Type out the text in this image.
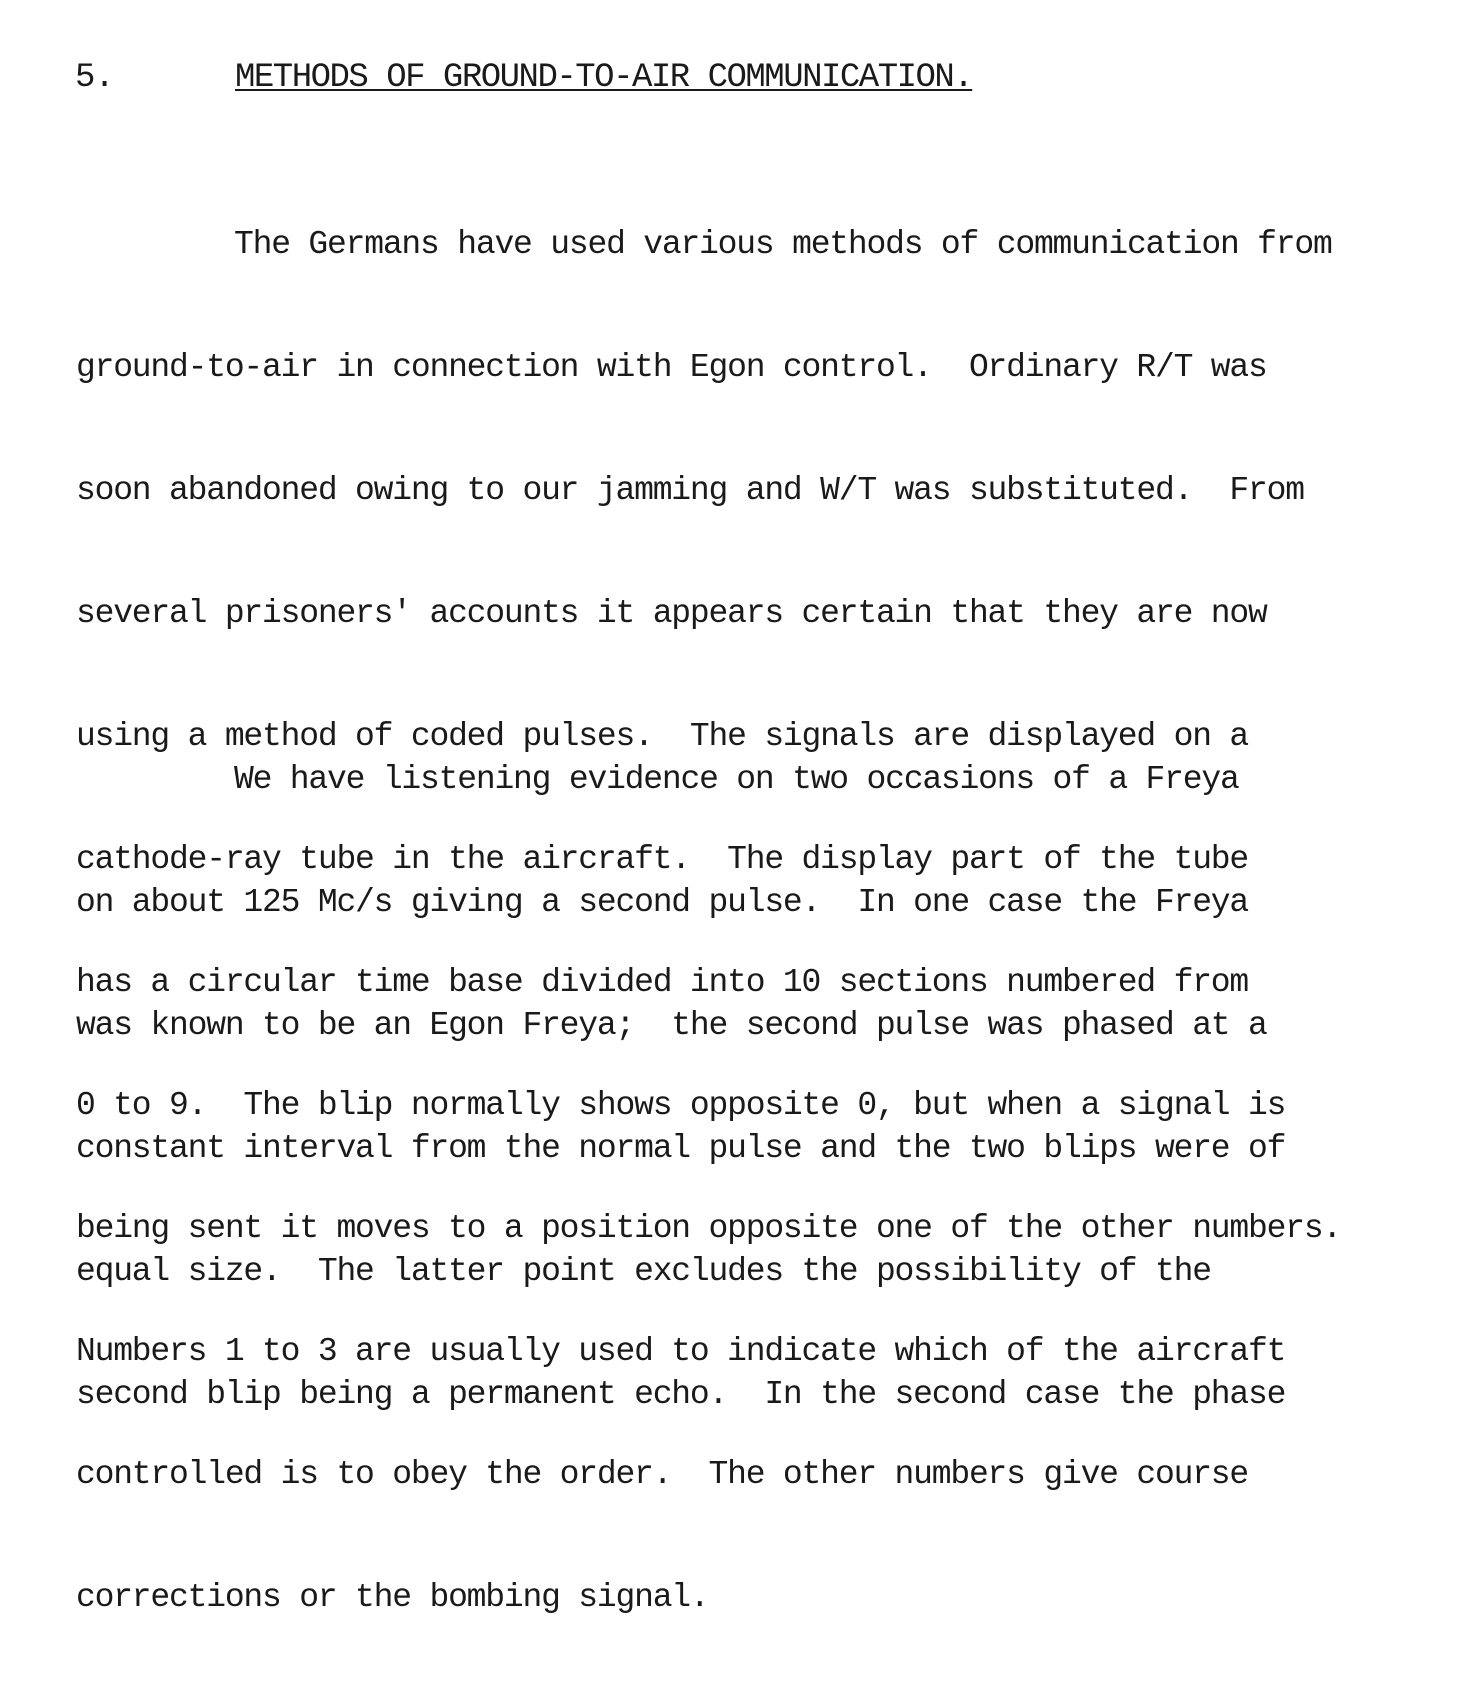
5.	METHODS OF GROUND-TO-AIR COMMUNICATION.

The Germans have used various methods of communication from

ground-to-air in connection with Egon control.  Ordinary R/T was

soon abandoned owing to our jamming and W/T was substituted.  From

several prisoners' accounts it appears certain that they are now

using a method of coded pulses.  The signals are displayed on a

cathode-ray tube in the aircraft.  The display part of the tube

has a circular time base divided into 10 sections numbered from

0 to 9.  The blip normally shows opposite 0, but when a signal is

being sent it moves to a position opposite one of the other numbers.

Numbers 1 to 3 are usually used to indicate which of the aircraft

controlled is to obey the order.  The other numbers give course

corrections or the bombing signal.

We have listening evidence on two occasions of a Freya

on about 125 Mc/s giving a second pulse.  In one case the Freya

was known to be an Egon Freya;  the second pulse was phased at a

constant interval from the normal pulse and the two blips were of

equal size.  The latter point excludes the possibility of the

second blip being a permanent echo.  In the second case the phase
